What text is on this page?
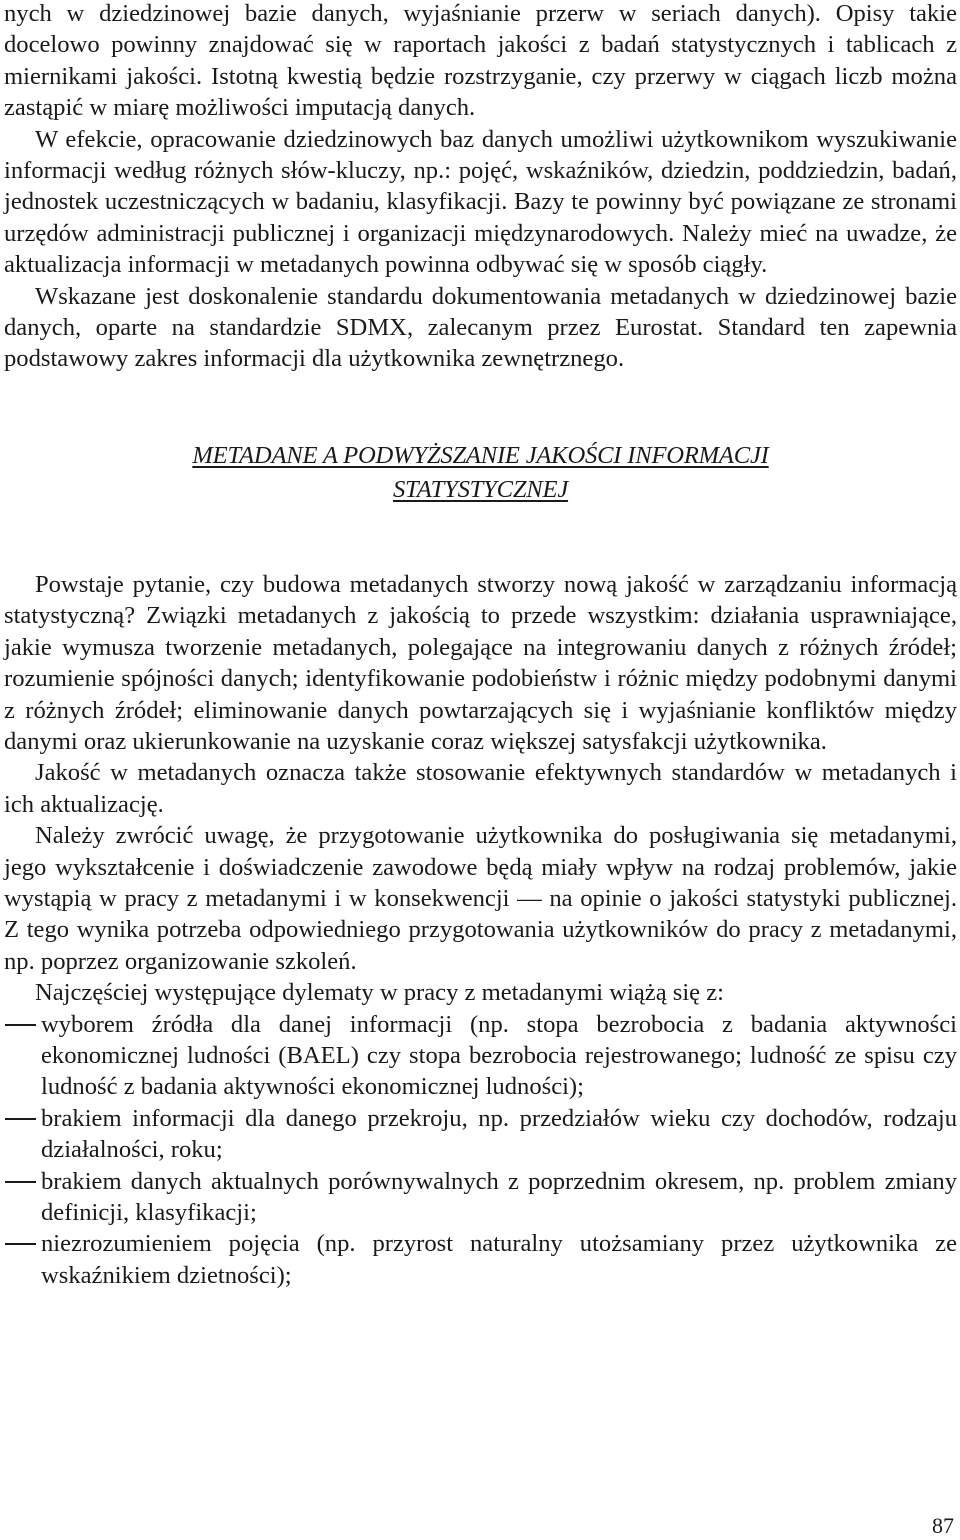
nych w dziedzinowej bazie danych, wyjaśnianie przerw w seriach danych). Opisy takie docelowo powinny znajdować się w raportach jakości z badań statystycznych i tablicach z miernikami jakości. Istotną kwestią będzie rozstrzyganie, czy przerwy w ciągach liczb można zastąpić w miarę możliwości imputacją danych.

W efekcie, opracowanie dziedzinowych baz danych umożliwi użytkownikom wyszukiwanie informacji według różnych słów-kluczy, np.: pojęć, wskaźników, dziedzin, poddziedzin, badań, jednostek uczestniczących w badaniu, klasyfikacji. Bazy te powinny być powiązane ze stronami urzędów administracji publicznej i organizacji międzynarodowych. Należy mieć na uwadze, że aktualizacja informacji w metadanych powinna odbywać się w sposób ciągły.

Wskazane jest doskonalenie standardu dokumentowania metadanych w dziedzinowej bazie danych, oparte na standardzie SDMX, zalecanym przez Eurostat. Standard ten zapewnia podstawowy zakres informacji dla użytkownika zewnętrznego.

METADANE A PODWYŻSZANIE JAKOŚCI INFORMACJI
STATYSTYCZNEJ

Powstaje pytanie, czy budowa metadanych stworzy nową jakość w zarządzaniu informacją statystyczną? Związki metadanych z jakością to przede wszystkim: działania usprawniające, jakie wymusza tworzenie metadanych, polegające na integrowaniu danych z różnych źródeł; rozumienie spójności danych; identyfikowanie podobieństw i różnic między podobnymi danymi z różnych źródeł; eliminowanie danych powtarzających się i wyjaśnianie konfliktów między danymi oraz ukierunkowanie na uzyskanie coraz większej satysfakcji użytkownika.

Jakość w metadanych oznacza także stosowanie efektywnych standardów w metadanych i ich aktualizację.

Należy zwrócić uwagę, że przygotowanie użytkownika do posługiwania się metadanymi, jego wykształcenie i doświadczenie zawodowe będą miały wpływ na rodzaj problemów, jakie wystąpią w pracy z metadanymi i w konsekwencji — na opinie o jakości statystyki publicznej. Z tego wynika potrzeba odpowiedniego przygotowania użytkowników do pracy z metadanymi, np. poprzez organizowanie szkoleń.

Najczęściej występujące dylematy w pracy z metadanymi wiążą się z:

wyborem źródła dla danej informacji (np. stopa bezrobocia z badania aktywności ekonomicznej ludności (BAEL) czy stopa bezrobocia rejestrowanego; ludność ze spisu czy ludność z badania aktywności ekonomicznej ludności);
brakiem informacji dla danego przekroju, np. przedziałów wieku czy dochodów, rodzaju działalności, roku;
brakiem danych aktualnych porównywalnych z poprzednim okresem, np. problem zmiany definicji, klasyfikacji;
niezrozumieniem pojęcia (np. przyrost naturalny utożsamiany przez użytkownika ze wskaźnikiem dzietności);
87
